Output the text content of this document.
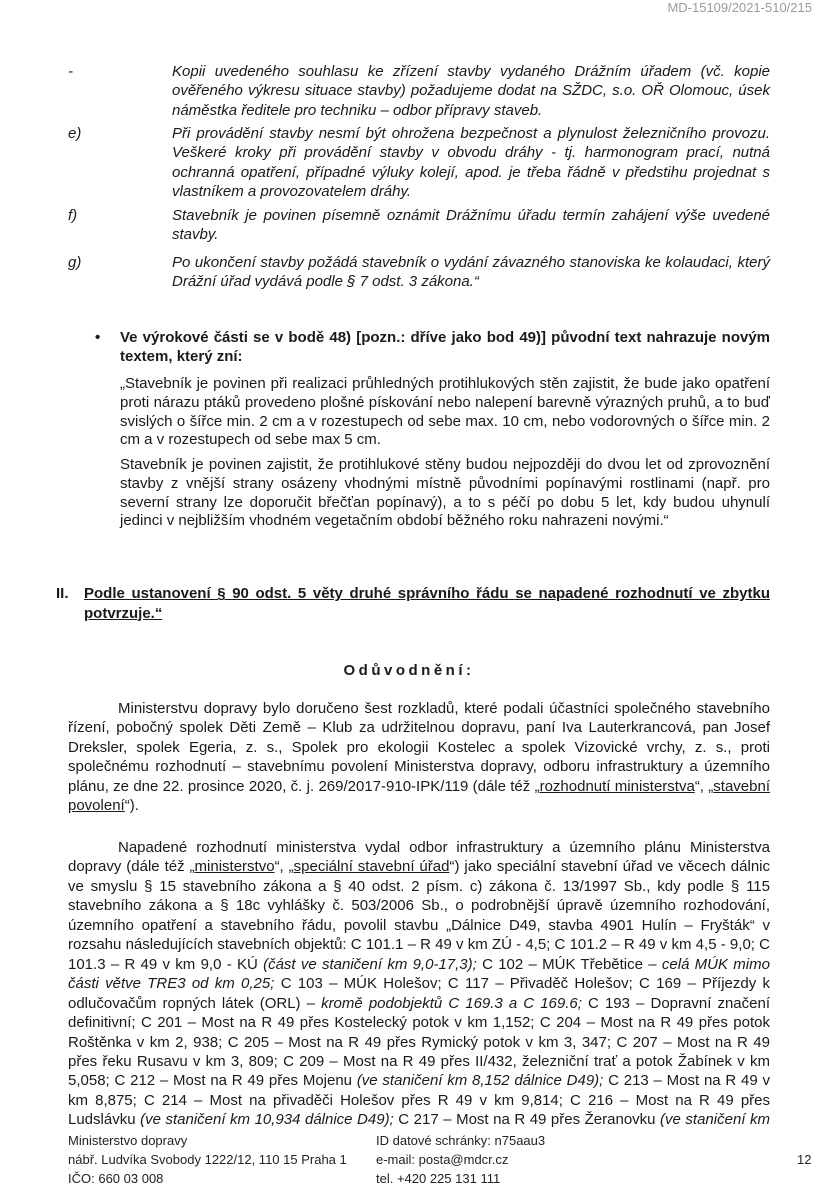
MD-15109/2021-510/215
-	Kopii uvedeného souhlasu ke zřízení stavby vydaného Drážním úřadem (vč. kopie ověřeného výkresu situace stavby) požadujeme dodat na SŽDC, s.o. OŘ Olomouc, úsek náměstka ředitele pro techniku – odbor přípravy staveb.
e)	Při provádění stavby nesmí být ohrožena bezpečnost a plynulost železničního provozu. Veškeré kroky při provádění stavby v obvodu dráhy - tj. harmonogram prací, nutná ochranná opatření, případné výluky kolejí, apod. je třeba řádně v předstihu projednat s vlastníkem a provozovatelem dráhy.
f)	Stavebník je povinen písemně oznámit Drážnímu úřadu termín zahájení výše uvedené stavby.
g)	Po ukončení stavby požádá stavebník o vydání závazného stanoviska ke kolaudaci, který Drážní úřad vydává podle § 7 odst. 3 zákona.“
• Ve výrokové části se v bodě 48) [pozn.: dříve jako bod 49)] původní text nahrazuje novým textem, který zní:
„Stavebník je povinen při realizaci průhledných protihlukových stěn zajistit, že bude jako opatření proti nárazu ptáků provedeno plošné pískování nebo nalepení barevně výrazných pruhů, a to buď svislých o šířce min. 2 cm a v rozestupech od sebe max. 10 cm, nebo vodorovných o šířce min. 2 cm a v rozestupech od sebe max 5 cm.
Stavebník je povinen zajistit, že protihlukové stěny budou nejpozději do dvou let od zprovoznění stavby z vnější strany osázeny vhodnými místně původními popínavými rostlinami (např. pro severní strany lze doporučit břečťan popínavý), a to s péčí po dobu 5 let, kdy budou uhynulí jedinci v nejbližším vhodném vegetačním období běžného roku nahrazeni novými.“
II. Podle ustanovení § 90 odst. 5 věty druhé správního řádu se napadené rozhodnutí ve zbytku potvrzuje.“
Odůvodnění:
Ministerstvu dopravy bylo doručeno šest rozkladů, které podali účastníci společného stavebního řízení, pobočný spolek Děti Země – Klub za udržitelnou dopravu, paní Iva Lauterkrancová, pan Josef Dreksler, spolek Egeria, z. s., Spolek pro ekologii Kostelec a spolek Vizovické vrchy, z. s., proti společnému rozhodnutí – stavebnímu povolení Ministerstva dopravy, odboru infrastruktury a územního plánu, ze dne 22. prosince 2020, č. j. 269/2017-910-IPK/119 (dále též „rozhodnutí ministerstva“, „stavební povolení“).
Napadené rozhodnutí ministerstva vydal odbor infrastruktury a územního plánu Ministerstva dopravy (dále též „ministerstvo“, „speciální stavební úřad“) jako speciální stavební úřad ve věcech dálnic ve smyslu § 15 stavebního zákona a § 40 odst. 2 písm. c) zákona č. 13/1997 Sb., kdy podle § 115 stavebního zákona a § 18c vyhlášky č. 503/2006 Sb., o podrobnější úpravě územního rozhodování, územního opatření a stavebního řádu, povolil stavbu „Dálnice D49, stavba 4901 Hulín – Fryšták“ v rozsahu následujících stavebních objektů: C 101.1 – R 49 v km ZÚ - 4,5; C 101.2 – R 49 v km 4,5 - 9,0; C 101.3 – R 49 v km 9,0 - KÚ (část ve staničení km 9,0-17,3); C 102 – MÚK Třebětice – celá MÚK mimo části větve TRE3 od km 0,25; C 103 – MÚK Holešov; C 117 – Přivaděč Holešov; C 169 – Příjezdy k odlučovačům ropných látek (ORL) – kromě podobjektů C 169.3 a C 169.6; C 193 – Dopravní značení definitivní; C 201 – Most na R 49 přes Kostelecký potok v km 1,152; C 204 – Most na R 49 přes potok Roštěnka v km 2, 938; C 205 – Most na R 49 přes Rymický potok v km 3, 347; C 207 – Most na R 49 přes řeku Rusavu v km 3, 809; C 209 – Most na R 49 přes II/432, železniční trať a potok Žabínek v km 5,058; C 212 – Most na R 49 přes Mojenu (ve staničení km 8,152 dálnice D49); C 213 – Most na R 49 v km 8,875; C 214 – Most na přivaděči Holešov přes R 49 v km 9,814; C 216 – Most na R 49 přes Ludslávku (ve staničení km 10,934 dálnice D49); C 217 – Most na R 49 přes Žeranovku (ve staničení km
Ministerstvo dopravy
nábř. Ludvíka Svobody 1222/12, 110 15 Praha 1
IČO: 660 03 008
ID datové schránky: n75aau3
e-mail: posta@mdcr.cz
tel. +420 225 131 111
12
